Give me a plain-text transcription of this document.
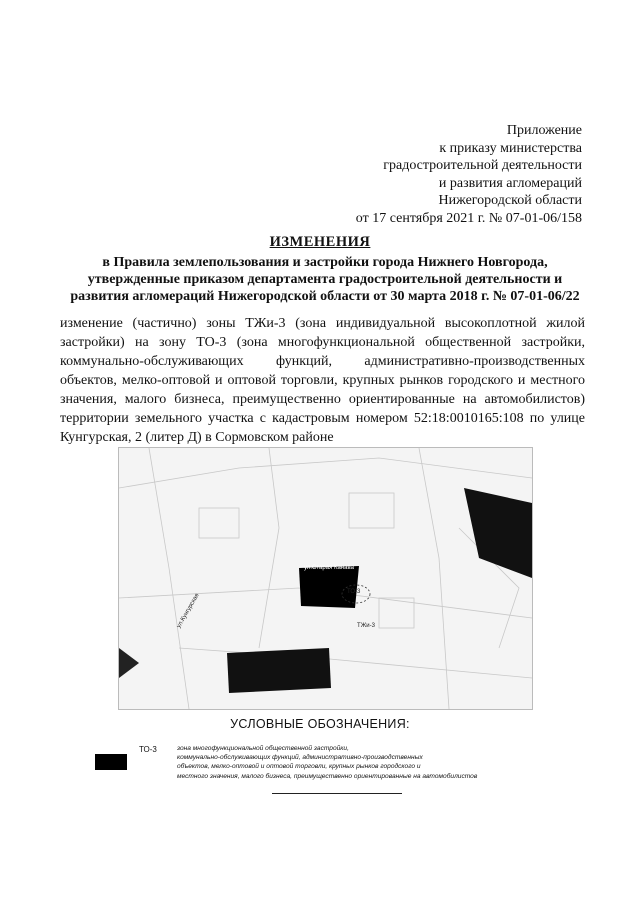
Приложение
к приказу министерства
градостроительной деятельности
и развития агломераций
Нижегородской области
от 17 сентября 2021 г. № 07-01-06/158
ИЗМЕНЕНИЯ
в Правила землепользования и застройки города Нижнего Новгорода,
утвержденные приказом департамента градостроительной деятельности и
развития агломераций Нижегородской области от 30 марта 2018 г. № 07-01-06/22
изменение (частично) зоны ТЖи-3 (зона индивидуальной высокоплотной жилой застройки) на зону ТО-3 (зона многофункциональной общественной застройки, коммунально-обслуживающих функций, административно-производственных объектов, мелко-оптовой и оптовой торговли, крупных рынков городского и местного значения, малого бизнеса, преимущественно ориентированные на автомобилистов) территории земельного участка с кадастровым номером 52:18:0010165:108 по улице Кунгурская, 2 (литер Д) в Сормовском районе
ул.Старая Канава
ТО-3
ТЖи-3
ул.Кунгурская
УСЛОВНЫЕ ОБОЗНАЧЕНИЯ:
ТО-3	зона многофункциональной общественной застройки,
коммунально-обслуживающих функций, административно-производственных
объектов, мелко-оптовой и оптовой торговли, крупных рынков городского и
местного значения, малого бизнеса, преимущественно ориентированные на автомобилистов
